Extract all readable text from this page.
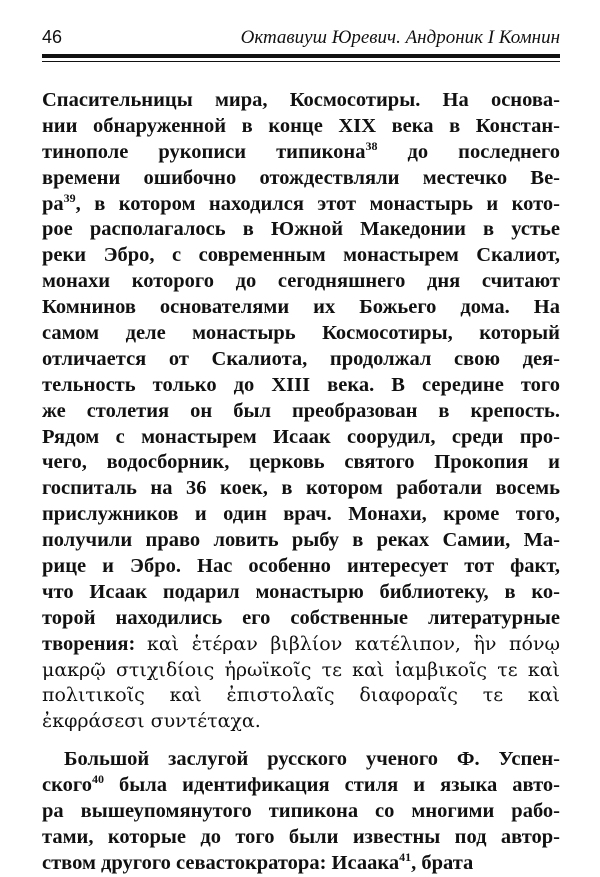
46	Октавиуш Юревич. Андроник I Комнин
Спасительницы мира, Космосотиры. На основа-
нии обнаруженной в конце XIX века в Констан-
тинополе рукописи типикона$^{38}$ до последнего
времени ошибочно отождествляли местечко Ве-
$ра^{39}$, в котором находился этот монастырь и кото-
рое располагалось в Южной Македонии в устье
реки Эбро, с современным монастырем Скалиот,
монахи которого до сегодняшнего дня считают
Комнинов основателями их Божьего дома. На
самом деле монастырь Космосотиры, который
отличается от Скалиота, продолжал свою дея-
тельность только до XIII века. В середине того
же столетия он был преобразован в крепость.
Рядом с монастырем Исаак соорудил, среди про-
чего, водосборник, церковь святого Прокопия и
госпиталь на 36 коек, в котором работали восемь
прислужников и один врач. Монахи, кроме того,
получили право ловить рыбу в реках Самии, Ма-
рице и Эбро. Нас особенно интересует тот факт,
что Исаак подарил монастырю библиотеку, в ко-
торой находились его собственные литературные
творения: καὶ ἑτέραν βιβλίον κατέλιπον, ἣν πόνῳ
μακρῷ στιχιδίοις ἡρωϊκοῖς τε καὶ ἰαμβικοῖς τε καὶ
πολιτικοῖς καὶ ἐπιστολαῖς διαφοραῖς τε καὶ
ἐκφράσεσι συντέταχα.
Большой заслугой русского ученого Ф. Успен-
ского$^{40}$ была идентификация стиля и языка авто-
ра вышеупомянутого типикона со многими рабо-
тами, которые до того были известны под автор-
ством другого севастократора: Исаака$^{41}$, брата
